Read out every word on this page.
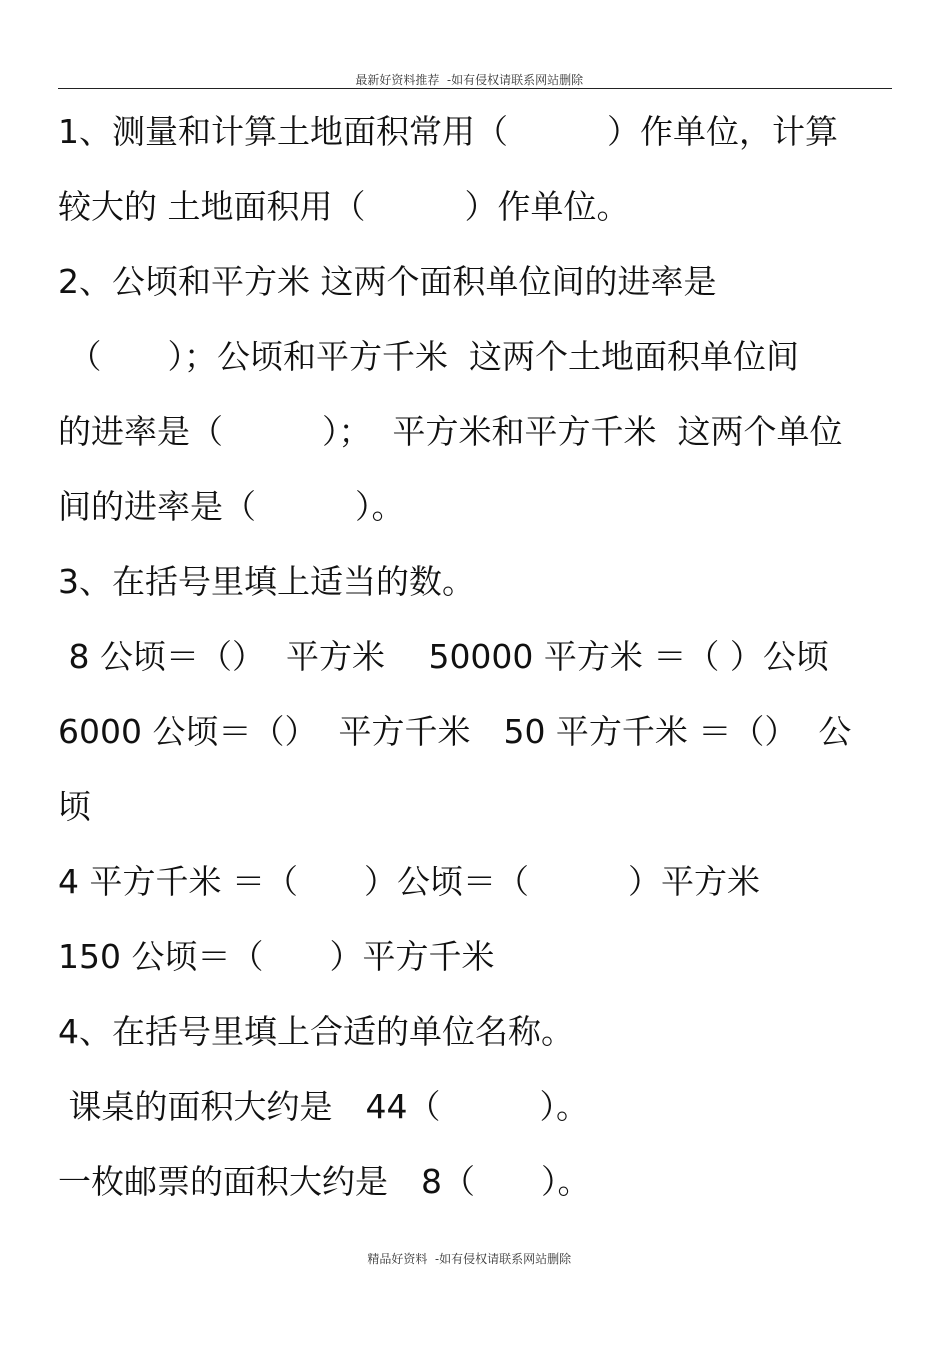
最新好资料推荐  -如有侵权请联系网站删除
1、测量和计算土地面积常用（　　　）作单位，计算
较大的 土地面积用（　　　）作单位。
2、公顷和平方米 这两个面积单位间的进率是
（　　）；公顷和平方千米  这两个土地面积单位间
的进率是（　　　）；  平方米和平方千米  这两个单位
间的进率是（　　　）。
3、在括号里填上适当的数。
8 公顷＝（）  平方米　 50000 平方米 ＝（ ）公顷
6000 公顷＝（）  平方千米　50 平方千米 ＝（）  公
顷
4 平方千米 ＝（　　）公顷＝（　　　）平方米
150 公顷＝（　　）平方千米
4、在括号里填上合适的单位名称。
课桌的面积大约是　44（　　　）。
一枚邮票的面积大约是　8（　　）。
精品好资料  -如有侵权请联系网站删除
